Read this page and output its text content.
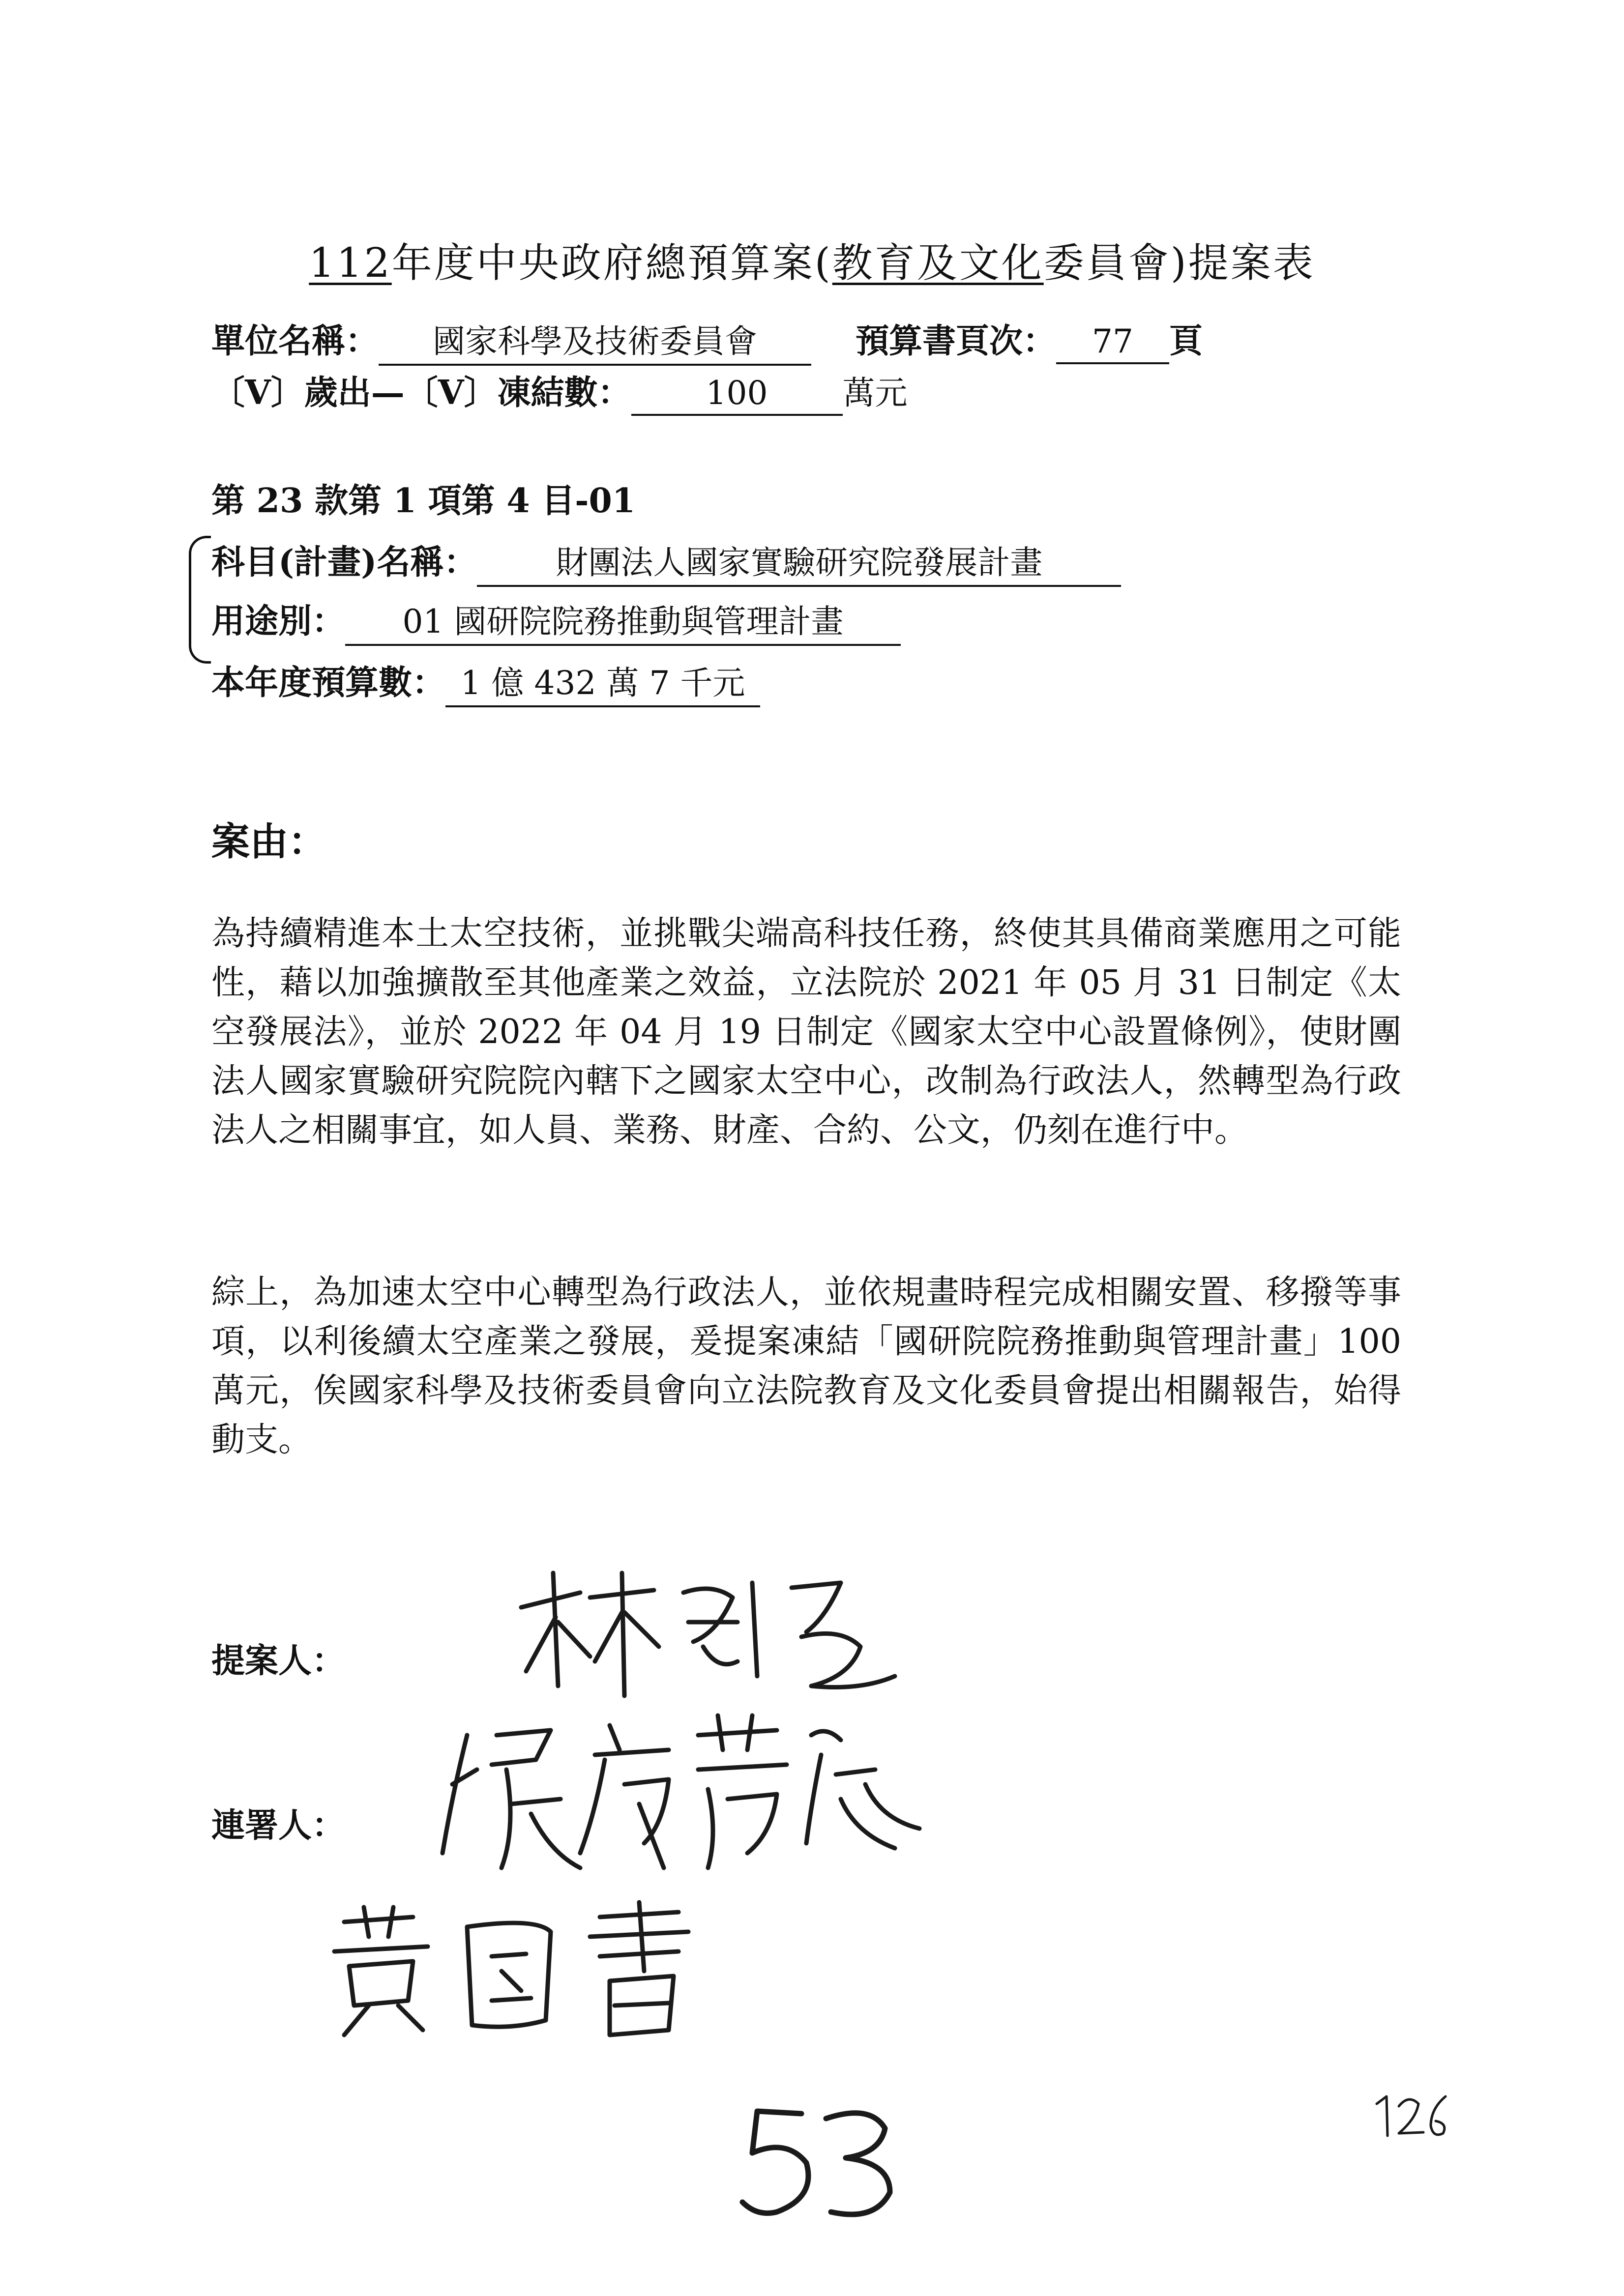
112年度中央政府總預算案(教育及文化委員會)提案表
單位名稱： 國家科學及技術委員會	預算書頁次： 77 頁
〔V〕歲出—〔V〕凍結數： 100 萬元
第 23 款第 1 項第 4 目-01
科目(計畫)名稱： 財團法人國家實驗研究院發展計畫
用途別： 01 國研院院務推動與管理計畫
本年度預算數： 1 億 432 萬 7 千元
案由：
為持續精進本土太空技術，並挑戰尖端高科技任務，終使其具備商業應用之可能性，藉以加強擴散至其他產業之效益，立法院於 2021 年 05 月 31 日制定《太空發展法》，並於 2022 年 04 月 19 日制定《國家太空中心設置條例》，使財團法人國家實驗研究院院內轄下之國家太空中心，改制為行政法人，然轉型為行政法人之相關事宜，如人員、業務、財產、合約、公文，仍刻在進行中。
綜上，為加速太空中心轉型為行政法人，並依規畫時程完成相關安置、移撥等事項，以利後續太空產業之發展，爰提案凍結「國研院院務推動與管理計畫」100 萬元，俟國家科學及技術委員會向立法院教育及文化委員會提出相關報告，始得動支。
提案人：
連署人：
